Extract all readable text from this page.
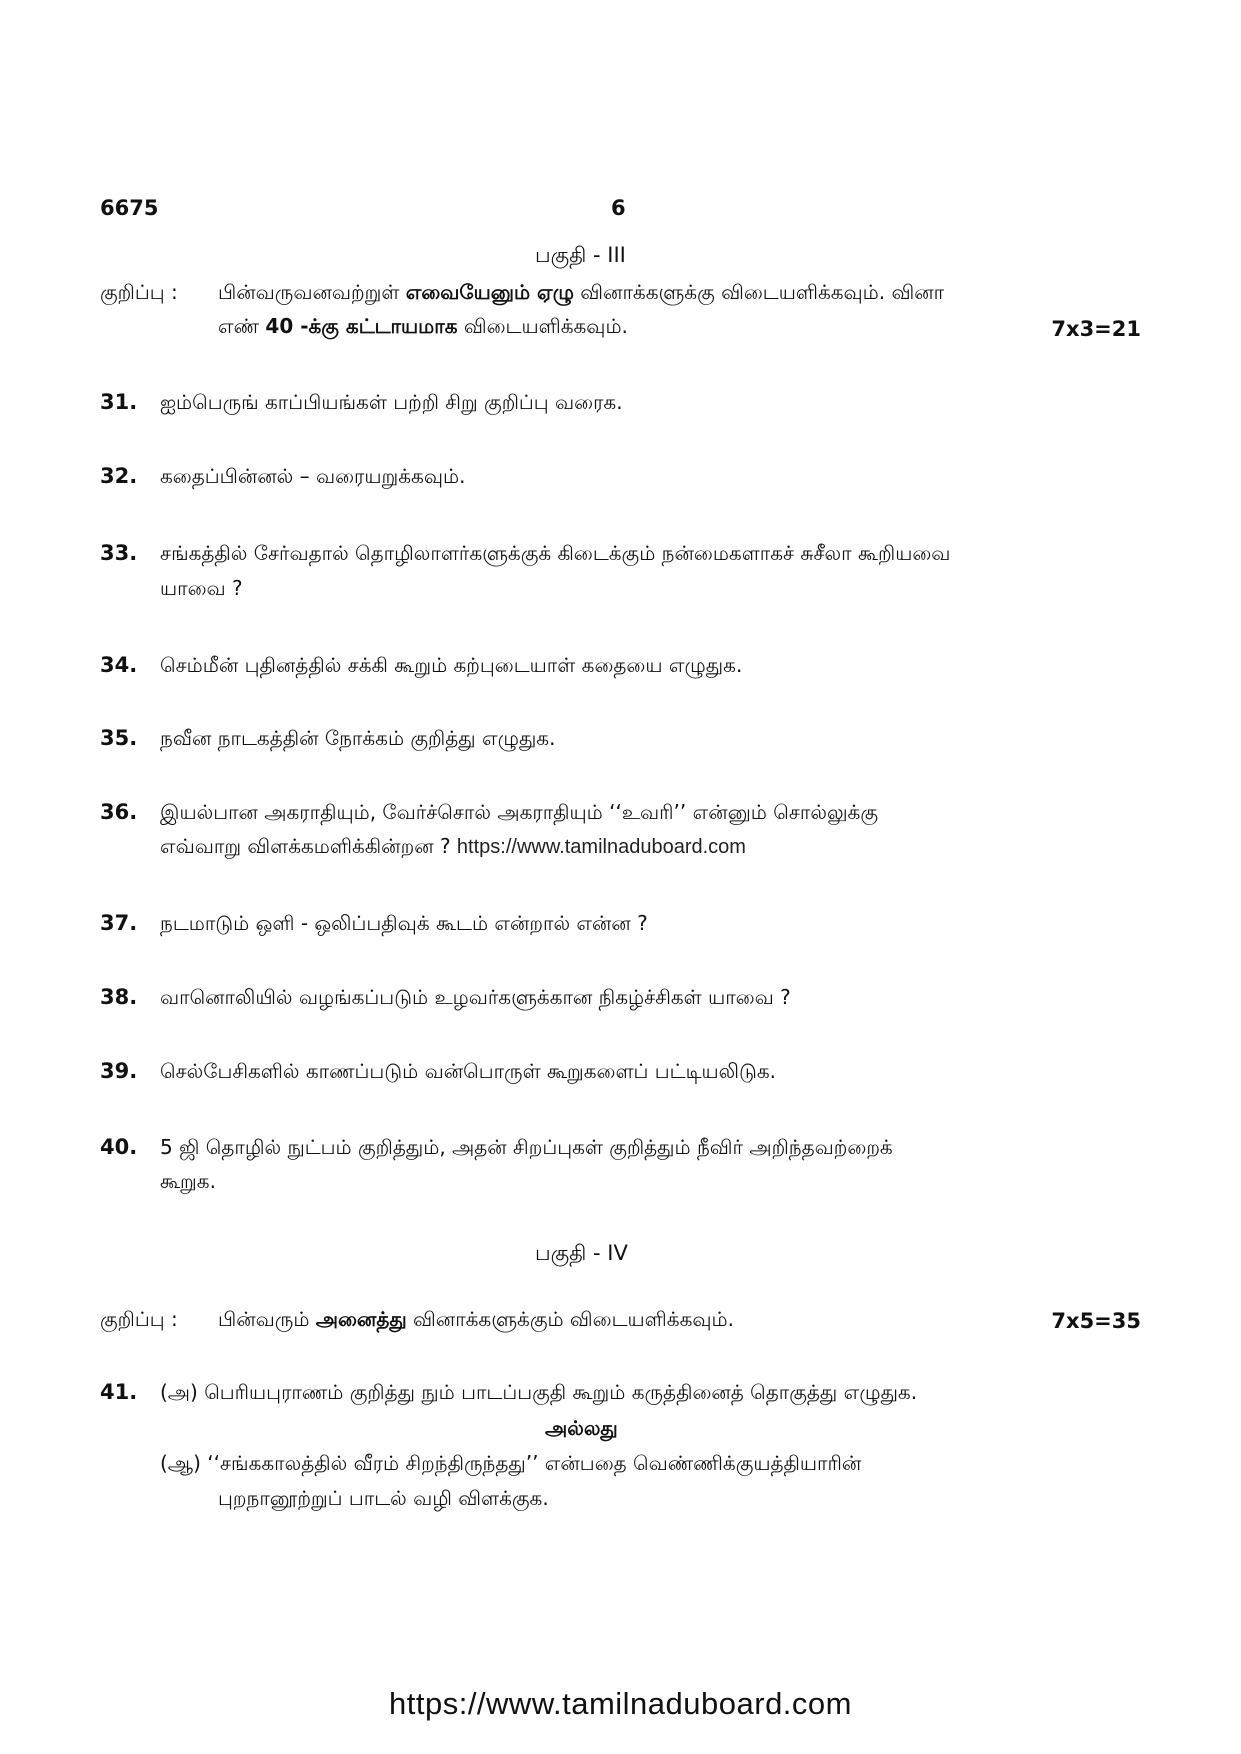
6675	6
பகுதி - III
குறிப்பு : பின்வருவனவற்றுள் எவையேனும் ஏழு வினாக்களுக்கு விடையளிக்கவும். வினா
எண் 40 -க்கு கட்டாயமாக விடையளிக்கவும்.	7x3=21
31. ஐம்பெருங் காப்பியங்கள் பற்றி சிறு குறிப்பு வரைக.
32. கதைப்பின்னல் – வரையறுக்கவும்.
33. சங்கத்தில் சேர்வதால் தொழிலாளர்களுக்குக் கிடைக்கும் நன்மைகளாகச் சுசீலா கூறியவை
யாவை ?
34. செம்மீன் புதினத்தில் சக்கி கூறும் கற்புடையாள் கதையை எழுதுக.
35. நவீன நாடகத்தின் நோக்கம் குறித்து எழுதுக.
36. இயல்பான அகராதியும், வேர்ச்சொல் அகராதியும் ‘‘உவரி’’ என்னும் சொல்லுக்கு
எவ்வாறு விளக்கமளிக்கின்றன ? https://www.tamilnaduboard.com
37. நடமாடும் ஒளி - ஒலிப்பதிவுக் கூடம் என்றால் என்ன ?
38. வானொலியில் வழங்கப்படும் உழவர்களுக்கான நிகழ்ச்சிகள் யாவை ?
39. செல்பேசிகளில் காணப்படும் வன்பொருள் கூறுகளைப் பட்டியலிடுக.
40. 5 ஜி தொழில் நுட்பம் குறித்தும், அதன் சிறப்புகள் குறித்தும் நீவிர் அறிந்தவற்றைக்
கூறுக.
பகுதி - IV
குறிப்பு : பின்வரும் அனைத்து வினாக்களுக்கும் விடையளிக்கவும்.	7x5=35
41. (அ) பெரியபுராணம் குறித்து நும் பாடப்பகுதி கூறும் கருத்தினைத் தொகுத்து எழுதுக.
அல்லது
(ஆ) ‘‘சங்ககாலத்தில் வீரம் சிறந்திருந்தது’’ என்பதை வெண்ணிக்குயத்தியாரின்
புறநானூற்றுப் பாடல் வழி விளக்குக.
https://www.tamilnaduboard.com
